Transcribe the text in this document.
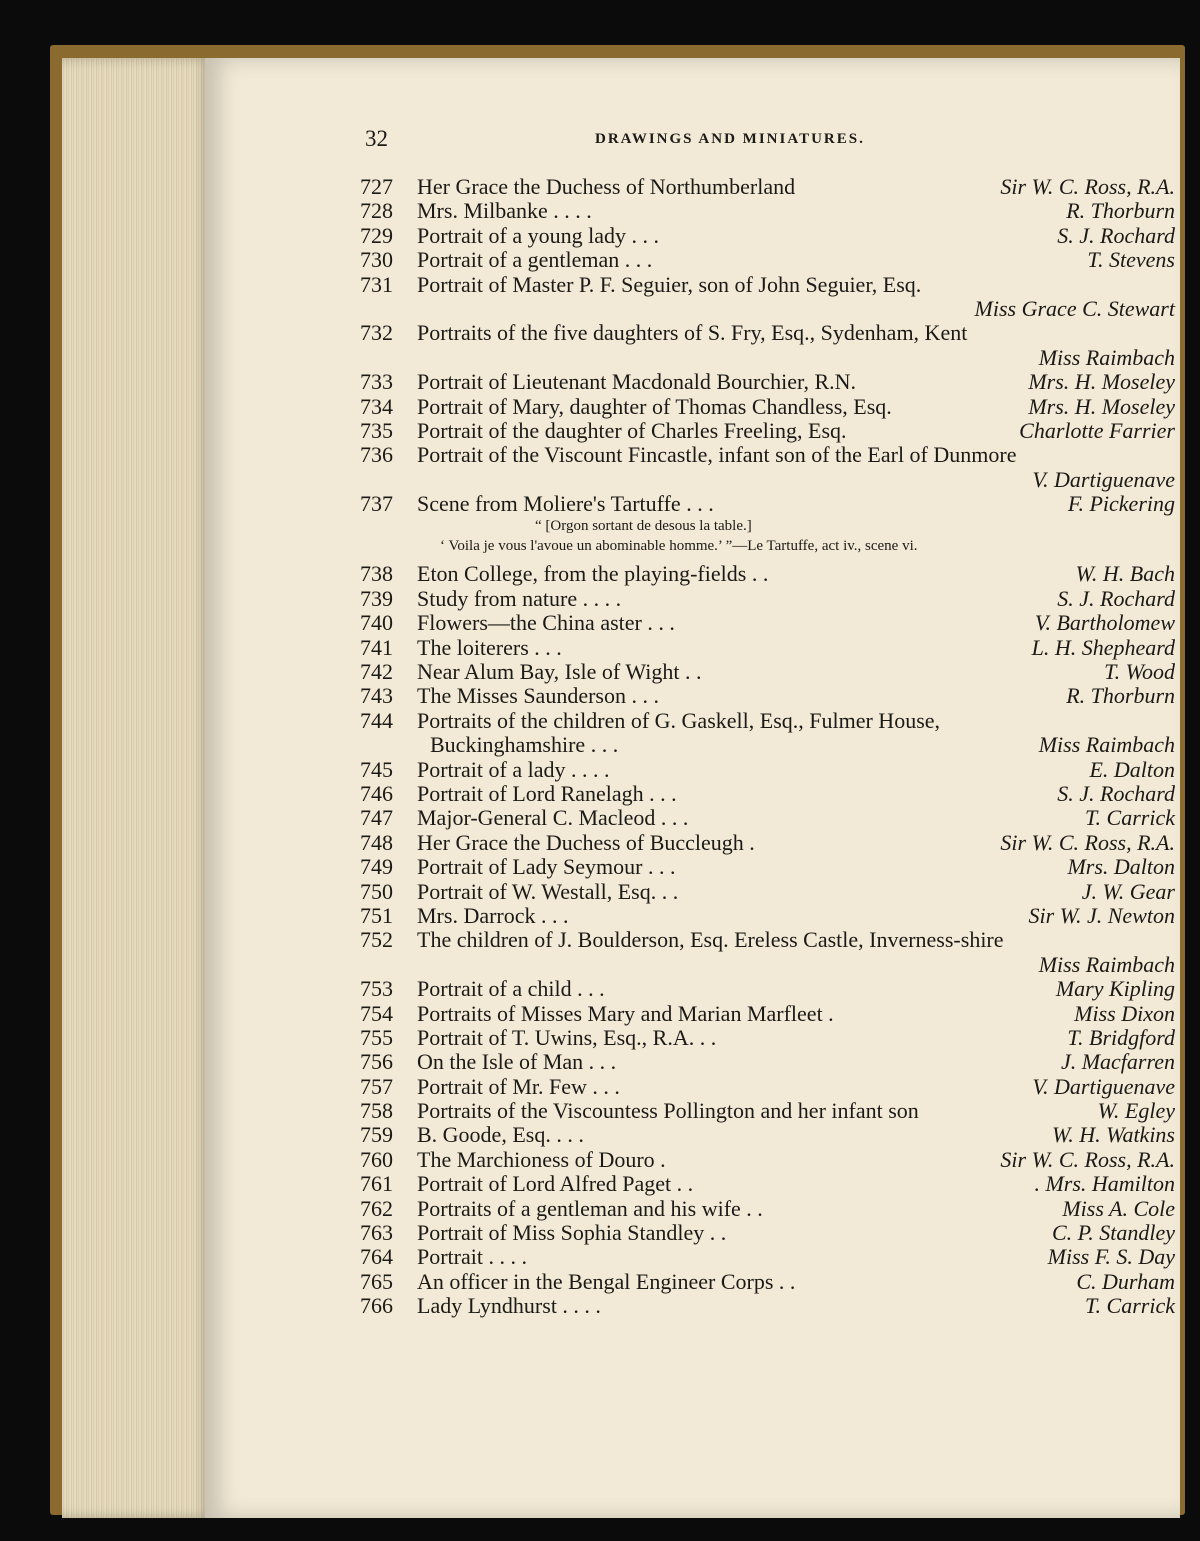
32	DRAWINGS AND MINIATURES.
727	Her Grace the Duchess of Northumberland	Sir W. C. Ross, R.A.
728	Mrs. Milbanke . . . .	R. Thorburn
729	Portrait of a young lady . . .	S. J. Rochard
730	Portrait of a gentleman . . .	T. Stevens
731	Portrait of Master P. F. Seguier, son of John Seguier, Esq.
Miss Grace C. Stewart
732	Portraits of the five daughters of S. Fry, Esq., Sydenham, Kent
Miss Raimbach
733	Portrait of Lieutenant Macdonald Bourchier, R.N.	Mrs. H. Moseley
734	Portrait of Mary, daughter of Thomas Chandless, Esq.	Mrs. H. Moseley
735	Portrait of the daughter of Charles Freeling, Esq.	Charlotte Farrier
736	Portrait of the Viscount Fincastle, infant son of the Earl of Dunmore
V. Dartiguenave
737	Scene from Moliere's Tartuffe . . .	F. Pickering
“ [Orgon sortant de desous la table.]
‘ Voila je vous l'avoue un abominable homme.’ ”—Le Tartuffe, act iv., scene vi.
738	Eton College, from the playing-fields . .	W. H. Bach
739	Study from nature . . . .	S. J. Rochard
740	Flowers—the China aster . . .	V. Bartholomew
741	The loiterers . . .	L. H. Shepheard
742	Near Alum Bay, Isle of Wight . .	T. Wood
743	The Misses Saunderson . . .	R. Thorburn
744	Portraits of the children of G. Gaskell, Esq., Fulmer House,
Buckinghamshire . . .	Miss Raimbach
745	Portrait of a lady . . . .	E. Dalton
746	Portrait of Lord Ranelagh . . .	S. J. Rochard
747	Major-General C. Macleod . . .	T. Carrick
748	Her Grace the Duchess of Buccleugh .	Sir W. C. Ross, R.A.
749	Portrait of Lady Seymour . . .	Mrs. Dalton
750	Portrait of W. Westall, Esq. . .	J. W. Gear
751	Mrs. Darrock . . .	Sir W. J. Newton
752	The children of J. Boulderson, Esq. Ereless Castle, Inverness-shire
Miss Raimbach
753	Portrait of a child . . .	Mary Kipling
754	Portraits of Misses Mary and Marian Marfleet .	Miss Dixon
755	Portrait of T. Uwins, Esq., R.A. . .	T. Bridgford
756	On the Isle of Man . . .	J. Macfarren
757	Portrait of Mr. Few . . .	V. Dartiguenave
758	Portraits of the Viscountess Pollington and her infant son	W. Egley
759	B. Goode, Esq. . . .	W. H. Watkins
760	The Marchioness of Douro .	Sir W. C. Ross, R.A.
761	Portrait of Lord Alfred Paget . .	. Mrs. Hamilton
762	Portraits of a gentleman and his wife . .	Miss A. Cole
763	Portrait of Miss Sophia Standley . .	C. P. Standley
764	Portrait . . . .	Miss F. S. Day
765	An officer in the Bengal Engineer Corps . .	C. Durham
766	Lady Lyndhurst . . . .	T. Carrick
